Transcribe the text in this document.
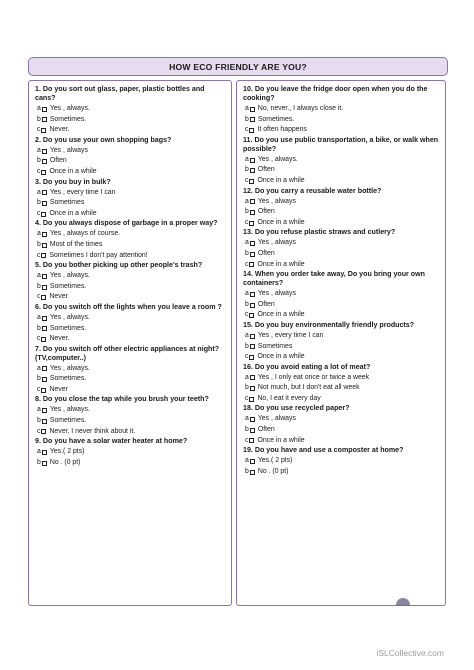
HOW ECO FRIENDLY ARE YOU?
1. Do you sort out glass, paper, plastic bottles and cans?
a Yes , always.
b Sometimes.
c Never.
2. Do you use your own shopping bags?
a Yes , always
b Often
c Once in a while
3. Do you buy in bulk?
a Yes , every time I can
b Sometimes
c Once in a while
4. Do you always dispose of garbage in a proper way?
a Yes , always of course.
b Most of the times
c Sometimes I don't pay attention!
5. Do you bother picking up other people's trash?
a Yes , always.
b Sometimes.
c Never
6. Do you switch off the lights when you leave a room ?
a Yes , always.
b Sometimes.
c Never.
7. Do you switch off other electric appliances at night? (TV,computer..)
a Yes , always.
b Sometimes.
c Never
8. Do you close the tap while you brush your teeth?
a Yes , always.
b Sometimes.
c Never, I never think about it.
9. Do you have a solar water heater at home?
a Yes.( 2 pts)
b No . (0 pt)
10. Do you leave the fridge door open when you do the cooking?
a No, never., I always close it.
b Sometimes.
c It often happens
11. Do you use public transportation, a bike, or walk when possible?
a Yes , always.
b Often
c Once in a while
12. Do you carry a reusable water bottle?
a Yes , always
b Often
c Once in a while
13. Do you refuse plastic straws and cutlery?
a Yes , always
b Often
c Once in a while
14. When you order take away, Do you bring your own containers?
a Yes , always
b Often
c Once in a while
15. Do you buy environmentally friendly products?
a Yes , every time I can
b Sometimes
c Once in a while
16. Do you avoid eating a lot of meat?
a Yes , I only eat once or twice a week
b Not much, but I don't eat all week
c No, I eat it every day
18. Do you use recycled paper?
a Yes , always
b Often
c Once in a while
19. Do you have and use a composter at home?
a Yes.( 2 pts)
b No . (0 pt)
iSLCollective.com
